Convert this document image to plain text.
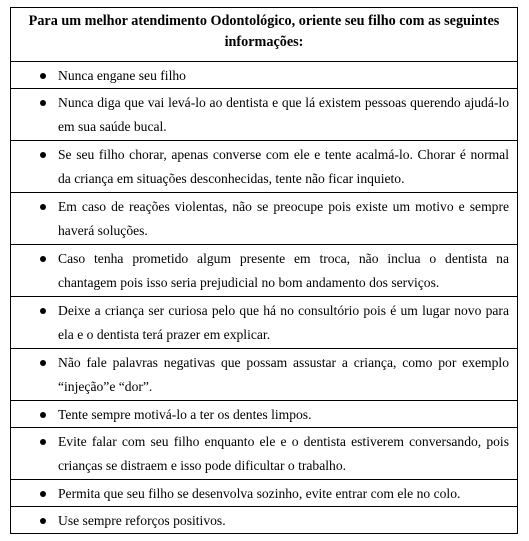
Para um melhor atendimento Odontológico, oriente seu filho com as seguintes informações:

Nunca engane seu filho

Nunca diga que vai levá-lo ao dentista e que lá existem pessoas querendo ajudá-lo em sua saúde bucal.

Se seu filho chorar, apenas converse com ele e tente acalmá-lo. Chorar é normal da criança em situações desconhecidas, tente não ficar inquieto.

Em caso de reações violentas, não se preocupe pois existe um motivo e sempre haverá soluções.

Caso tenha prometido algum presente em troca, não inclua o dentista na chantagem pois isso seria prejudicial no bom andamento dos serviços.

Deixe a criança ser curiosa pelo que há no consultório pois é um lugar novo para ela e o dentista terá prazer em explicar.

Não fale palavras negativas que possam assustar a criança, como por exemplo “injeção”e “dor”.

Tente sempre motivá-lo a ter os dentes limpos.

Evite falar com seu filho enquanto ele e o dentista estiverem conversando, pois crianças se distraem e isso pode dificultar o trabalho.

Permita que seu filho se desenvolva sozinho, evite entrar com ele no colo.

Use sempre reforços positivos.
